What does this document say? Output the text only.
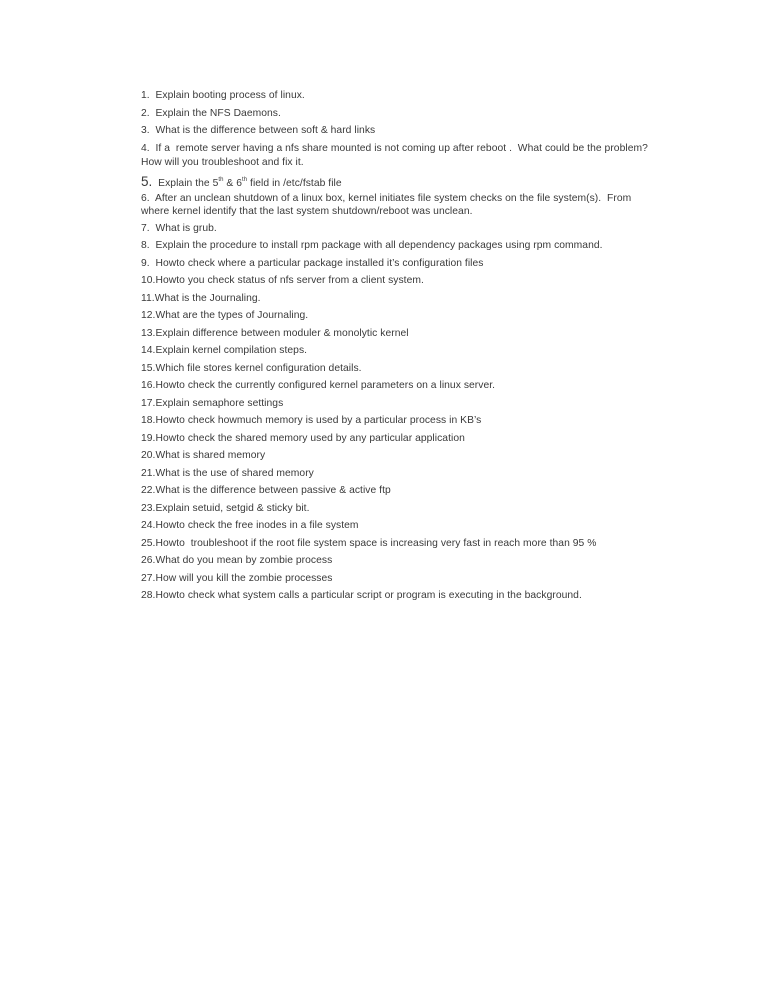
1.  Explain booting process of linux.
2.  Explain the NFS Daemons.
3.  What is the difference between soft & hard links
4.  If a  remote server having a nfs share mounted is not coming up after reboot .  What could be the problem?  How will you troubleshoot and fix it.
5.  Explain the 5th & 6th field in /etc/fstab file
6.  After an unclean shutdown of a linux box, kernel initiates file system checks on the file system(s).  From where kernel identify that the last system shutdown/reboot was unclean.
7.  What is grub.
8.  Explain the procedure to install rpm package with all dependency packages using rpm command.
9.  Howto check where a particular package installed it’s configuration files
10.Howto you check status of nfs server from a client system.
11.What is the Journaling.
12.What are the types of Journaling.
13.Explain difference between moduler & monolytic kernel
14.Explain kernel compilation steps.
15.Which file stores kernel configuration details.
16.Howto check the currently configured kernel parameters on a linux server.
17.Explain semaphore settings
18.Howto check howmuch memory is used by a particular process in KB’s
19.Howto check the shared memory used by any particular application
20.What is shared memory
21.What is the use of shared memory
22.What is the difference between passive & active ftp
23.Explain setuid, setgid & sticky bit.
24.Howto check the free inodes in a file system
25.Howto  troubleshoot if the root file system space is increasing very fast in reach more than 95 %
26.What do you mean by zombie process
27.How will you kill the zombie processes
28.Howto check what system calls a particular script or program is executing in the background.
